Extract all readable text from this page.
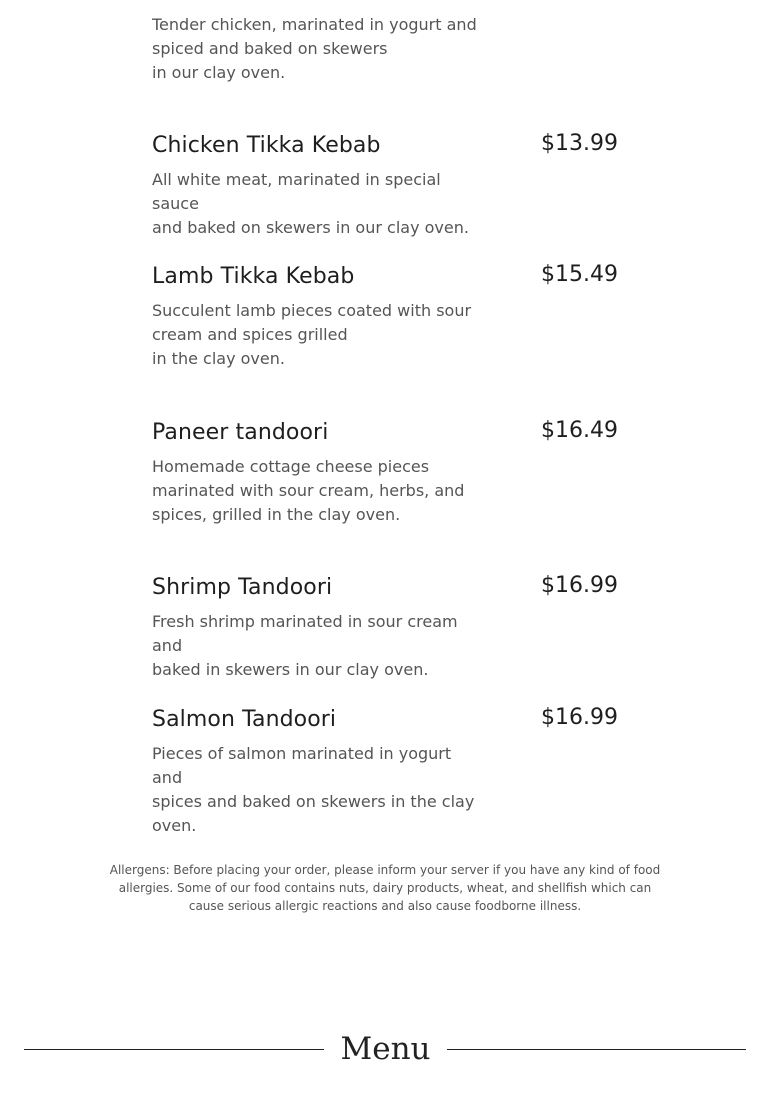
Tender chicken, marinated in yogurt and
spiced and baked on skewers
in our clay oven.
Chicken Tikka Kebab	$13.99
All white meat, marinated in special sauce
and baked on skewers in our clay oven.
Lamb Tikka Kebab	$15.49
Succulent lamb pieces coated with sour
cream and spices grilled
in the clay oven.
Paneer tandoori	$16.49
Homemade cottage cheese pieces
marinated with sour cream, herbs, and
spices, grilled in the clay oven.
Shrimp Tandoori	$16.99
Fresh shrimp marinated in sour cream and
baked in skewers in our clay oven.
Salmon Tandoori	$16.99
Pieces of salmon marinated in yogurt and
spices and baked on skewers in the clay
oven.
Allergens: Before placing your order, please inform your server if you have any kind of food allergies. Some of our food contains nuts, dairy products, wheat, and shellfish which can cause serious allergic reactions and also cause foodborne illness.
Menu
